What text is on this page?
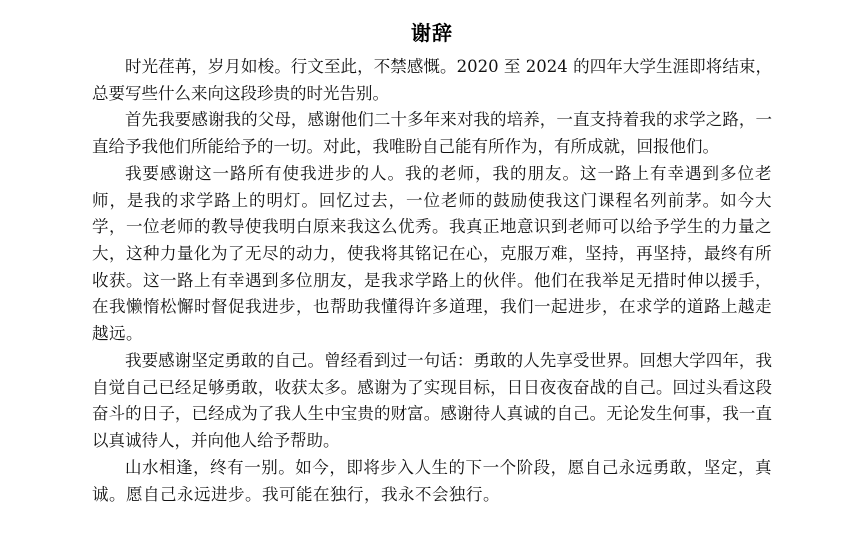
谢辞

时光荏苒，岁月如梭。行文至此，不禁感慨。2020 至 2024 的四年大学生涯即将结束，总要写些什么来向这段珍贵的时光告别。

首先我要感谢我的父母，感谢他们二十多年来对我的培养，一直支持着我的求学之路，一直给予我他们所能给予的一切。对此，我唯盼自己能有所作为，有所成就，回报他们。

我要感谢这一路所有使我进步的人。我的老师，我的朋友。这一路上有幸遇到多位老师，是我的求学路上的明灯。回忆过去，一位老师的鼓励使我这门课程名列前茅。如今大学，一位老师的教导使我明白原来我这么优秀。我真正地意识到老师可以给予学生的力量之大，这种力量化为了无尽的动力，使我将其铭记在心，克服万难，坚持，再坚持，最终有所收获。这一路上有幸遇到多位朋友，是我求学路上的伙伴。他们在我举足无措时伸以援手，在我懒惰松懈时督促我进步，也帮助我懂得许多道理，我们一起进步，在求学的道路上越走越远。

我要感谢坚定勇敢的自己。曾经看到过一句话：勇敢的人先享受世界。回想大学四年，我自觉自己已经足够勇敢，收获太多。感谢为了实现目标，日日夜夜奋战的自己。回过头看这段奋斗的日子，已经成为了我人生中宝贵的财富。感谢待人真诚的自己。无论发生何事，我一直以真诚待人，并向他人给予帮助。

山水相逢，终有一别。如今，即将步入人生的下一个阶段，愿自己永远勇敢，坚定，真诚。愿自己永远进步。我可能在独行，我永不会独行。
